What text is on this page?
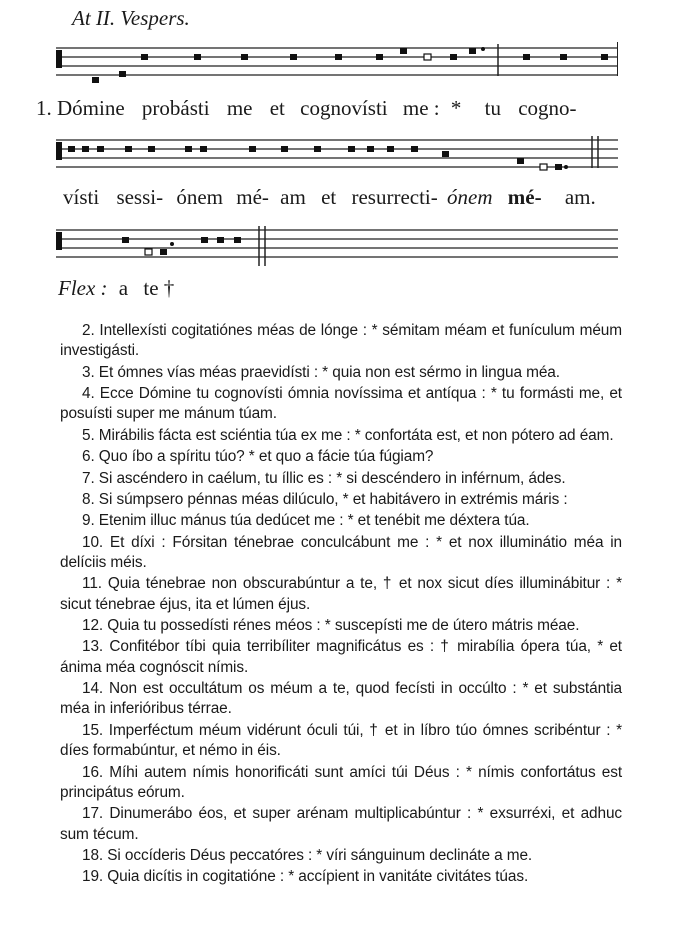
At II. Vespers.
1. Dómine probásti me et cognovísti me : * tu cogno-
vísti sessi- ónem mé- am et resurrecti- ónem mé- am.
Flex : a te †

2. Intellexísti cogitatiónes méas de lónge : * sémitam méam et funículum méum investigásti.

3. Et ómnes vías méas praevidísti : * quia non est sérmo in lingua méa.

4. Ecce Dómine tu cognovísti ómnia novíssima et antíqua : * tu formásti me, et posuísti super me mánum túam.

5. Mirábilis fácta est sciéntia túa ex me : * confortáta est, et non pótero ad éam.

6. Quo íbo a spíritu túo? * et quo a fácie túa fúgiam?

7. Si ascéndero in caélum, tu íllic es : * si descéndero in inférnum, ádes.

8. Si súmpsero pénnas méas dilúculo, * et habitávero in extrémis máris :

9. Etenim illuc mánus túa dedúcet me : * et tenébit me déxtera túa.

10. Et díxi : Fórsitan ténebrae conculcábunt me : * et nox illuminátio méa in delíciis méis.

11. Quia ténebrae non obscurabúntur a te, † et nox sicut díes illuminábitur : * sicut ténebrae éjus, ita et lúmen éjus.

12. Quia tu possedísti rénes méos : * suscepísti me de útero mátris méae.

13. Confitébor tíbi quia terribíliter magnificátus es : † mirabília ópera túa, * et ánima méa cognóscit nímis.

14. Non est occultátum os méum a te, quod fecísti in occúlto : * et substántia méa in inferióribus térrae.

15. Imperféctum méum vidérunt óculi túi, † et in líbro túo ómnes scribéntur : * díes formabúntur, et némo in éis.

16. Míhi autem nímis honorificáti sunt amíci túi Déus : * nímis confortátus est principátus eórum.

17. Dinumerábo éos, et super arénam multiplicabúntur : * exsurréxi, et adhuc sum técum.

18. Si occíderis Déus peccatóres : * víri sánguinum declináte a me.

19. Quia dicítis in cogitatióne : * accípient in vanitáte civitátes túas.
